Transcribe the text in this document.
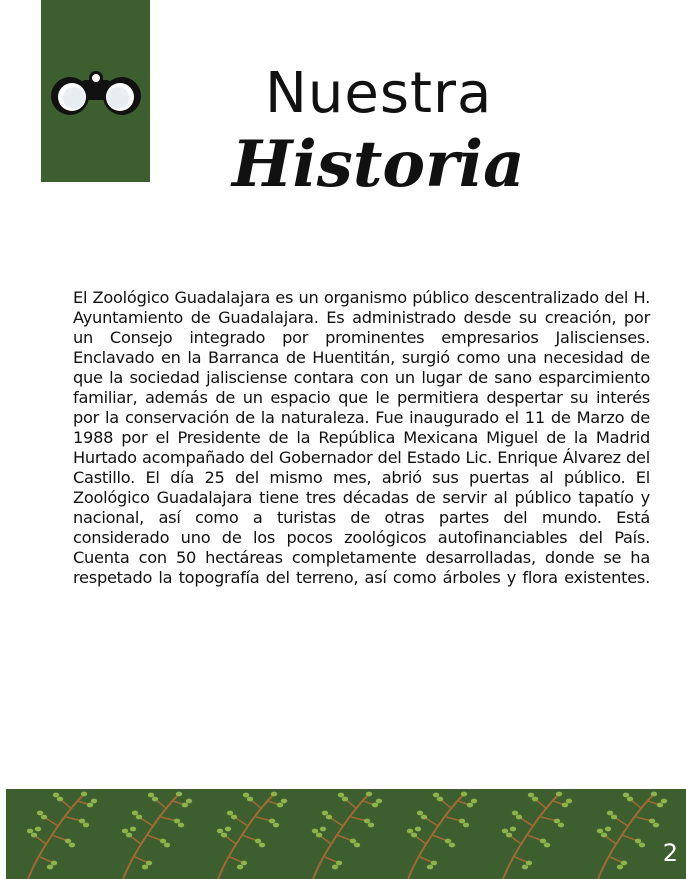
Nuestra
Historia

El Zoológico Guadalajara es un organismo público descentralizado del H. Ayuntamiento de Guadalajara. Es administrado desde su creación, por un Consejo integrado por prominentes empresarios Jaliscienses. Enclavado en la Barranca de Huentitán, surgió como una necesidad de que la sociedad jalisciense contara con un lugar de sano esparcimiento familiar, además de un espacio que le permitiera despertar su interés por la conservación de la naturaleza. Fue inaugurado el 11 de Marzo de 1988 por el Presidente de la República Mexicana Miguel de la Madrid Hurtado acompañado del Gobernador del Estado Lic. Enrique Álvarez del Castillo. El día 25 del mismo mes, abrió sus puertas al público. El Zoológico Guadalajara tiene tres décadas de servir al público tapatío y nacional, así como a turistas de otras partes del mundo. Está considerado uno de los pocos zoológicos autofinanciables del País. Cuenta con 50 hectáreas completamente desarrolladas, donde se ha respetado la topografía del terreno, así como árboles y flora existentes.

2
